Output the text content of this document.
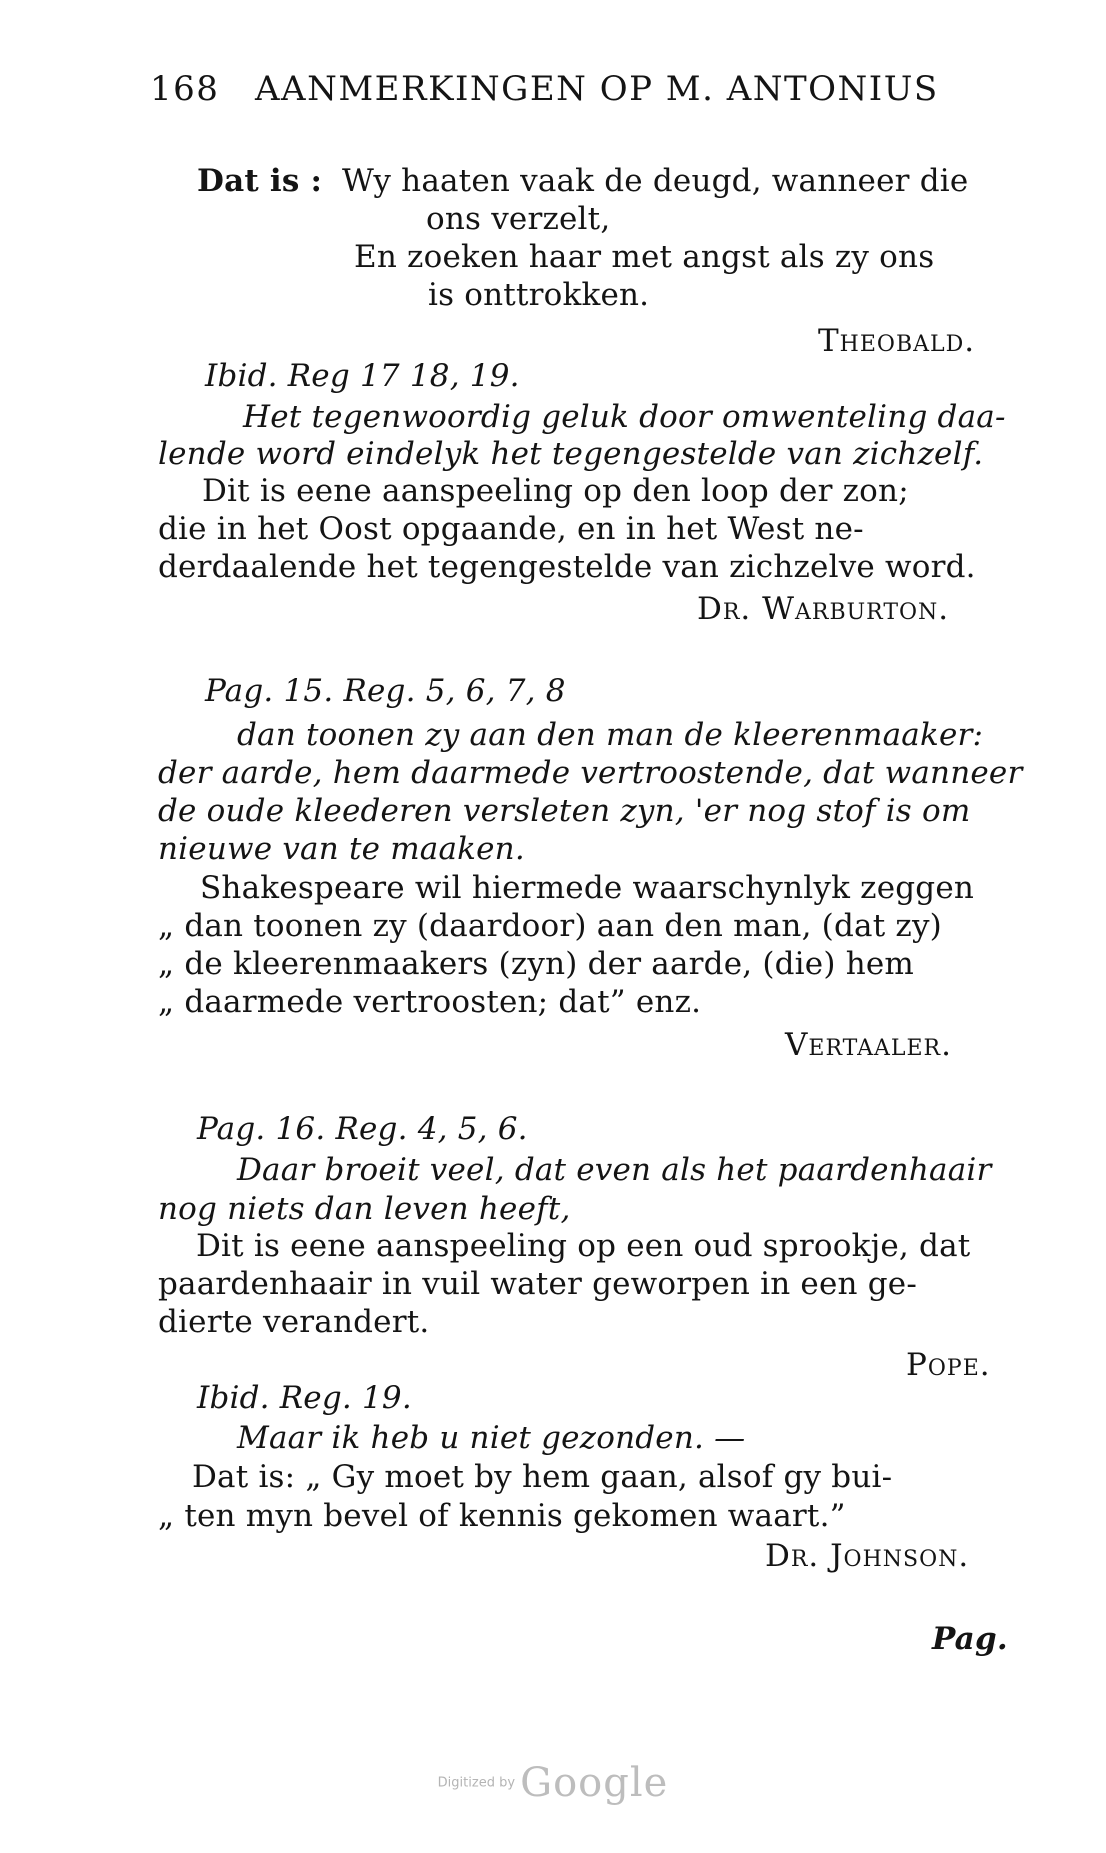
168 AANMERKINGEN OP M. ANTONIUS
Dat is : Wy haaten vaak de deugd, wanneer die
ons verzelt,
En zoeken haar met angst als zy ons
is onttrokken.
Theobald.
Ibid. Reg 17 18, 19.
Het tegenwoordig geluk door omwenteling daa-
lende word eindelyk het tegengestelde van zichzelf.
Dit is eene aanspeeling op den loop der zon;
die in het Oost opgaande, en in het West ne-
derdaalende het tegengestelde van zichzelve word.
Dr. Warburton.
Pag. 15. Reg. 5, 6, 7, 8
dan toonen zy aan den man de kleerenmaaker:
der aarde, hem daarmede vertroostende, dat wanneer
de oude kleederen versleten zyn, 'er nog stof is om
nieuwe van te maaken.
Shakespeare wil hiermede waarschynlyk zeggen
„ dan toonen zy (daardoor) aan den man, (dat zy)
„ de kleerenmaakers (zyn) der aarde, (die) hem
„ daarmede vertroosten; dat” enz.
Vertaaler.
Pag. 16. Reg. 4, 5, 6.
Daar broeit veel, dat even als het paardenhaair
nog niets dan leven heeft,
Dit is eene aanspeeling op een oud sprookje, dat
paardenhaair in vuil water geworpen in een ge-
dierte verandert.
Pope.
Ibid. Reg. 19.
Maar ik heb u niet gezonden. —
Dat is: „ Gy moet by hem gaan, alsof gy bui-
„ ten myn bevel of kennis gekomen waart.”
Dr. Johnson.
Pag.
Digitized by Google
